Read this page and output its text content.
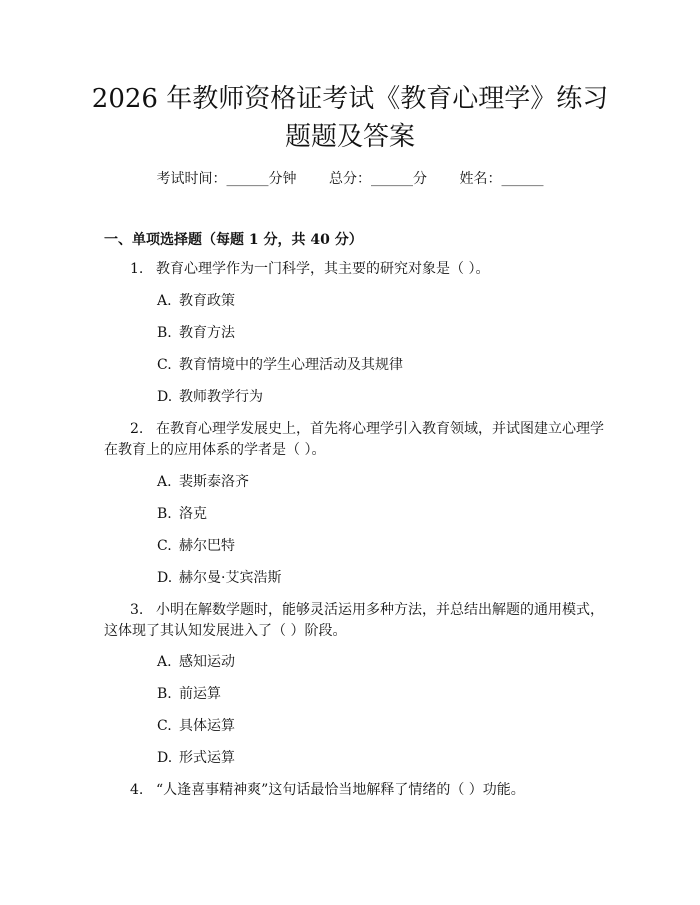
2026 年教师资格证考试《教育心理学》练习
题题及答案
考试时间：______分钟 总分：______分 姓名：______
一、单项选择题（每题 1 分，共 40 分）
1. 教育心理学作为一门科学，其主要的研究对象是（ ）。
A. 教育政策
B. 教育方法
C. 教育情境中的学生心理活动及其规律
D. 教师教学行为
2. 在教育心理学发展史上，首先将心理学引入教育领域，并试图建立心理学
在教育上的应用体系的学者是（ ）。
A. 裴斯泰洛齐
B. 洛克
C. 赫尔巴特
D. 赫尔曼·艾宾浩斯
3. 小明在解数学题时，能够灵活运用多种方法，并总结出解题的通用模式，
这体现了其认知发展进入了（ ）阶段。
A. 感知运动
B. 前运算
C. 具体运算
D. 形式运算
4. “人逢喜事精神爽”这句话最恰当地解释了情绪的（ ）功能。
